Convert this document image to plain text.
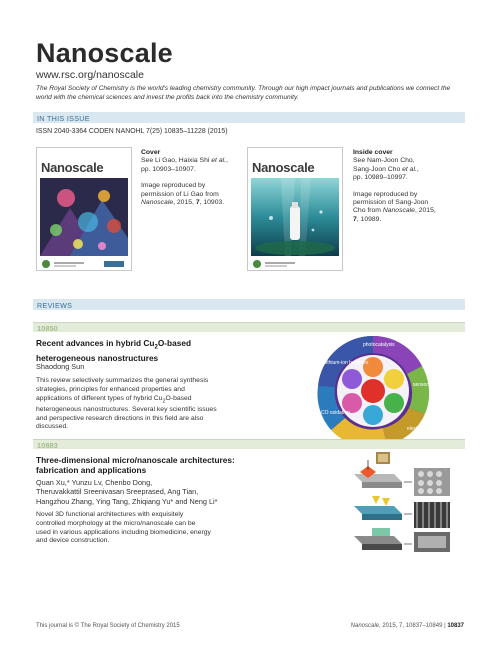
Nanoscale
www.rsc.org/nanoscale
The Royal Society of Chemistry is the world's leading chemistry community. Through our high impact journals and publications we connect the world with the chemical sciences and invest the profits back into the chemistry community.
IN THIS ISSUE
ISSN 2040-3364 CODEN NANOHL 7(25) 10835–11228 (2015)
Nanoscale
Cover
See Li Gao, Haixia Shi et al.,
pp. 10903–10907.
Image reproduced by
permission of Li Gao from
Nanoscale, 2015, 7, 10903.
Nanoscale
Inside cover
See Nam-Joon Cho,
Sang-Joon Cho et al.,
pp. 10989–10997.
Image reproduced by
permission of Sang-Joon
Cho from Nanoscale, 2015,
7, 10989.
REVIEWS
10850
Recent advances in hybrid $Cu_2O$-based
heterogeneous nanostructures
Shaodong Sun
This review selectively summarizes the general synthesis
strategies, principles for enhanced properties and
applications of different types of hybrid $Cu_2O$-based
heterogeneous nanostructures. Several key scientific issues
and perspective research directions in this field are also
discussed.
photocatalysis
sensors
electrocatalysis
CO oxidation
lithium-ion batteries
10883
Three-dimensional micro/nanoscale architectures:
fabrication and applications
Quan Xu,* Yunzu Lv, Chenbo Dong,
Theruvakkattil Sreenivasan Sreeprased, Ang Tian,
Hangzhou Zhang, Ying Tang, Zhiqiang Yu* and Neng Li*
Novel 3D functional architectures with exquisitely
controlled morphology at the micro/nanoscale can be
used in various applications including biomedicine, energy
and device construction.
This journal is © The Royal Society of Chemistry 2015	Nanoscale, 2015, 7, 10837–10849 | 10837
